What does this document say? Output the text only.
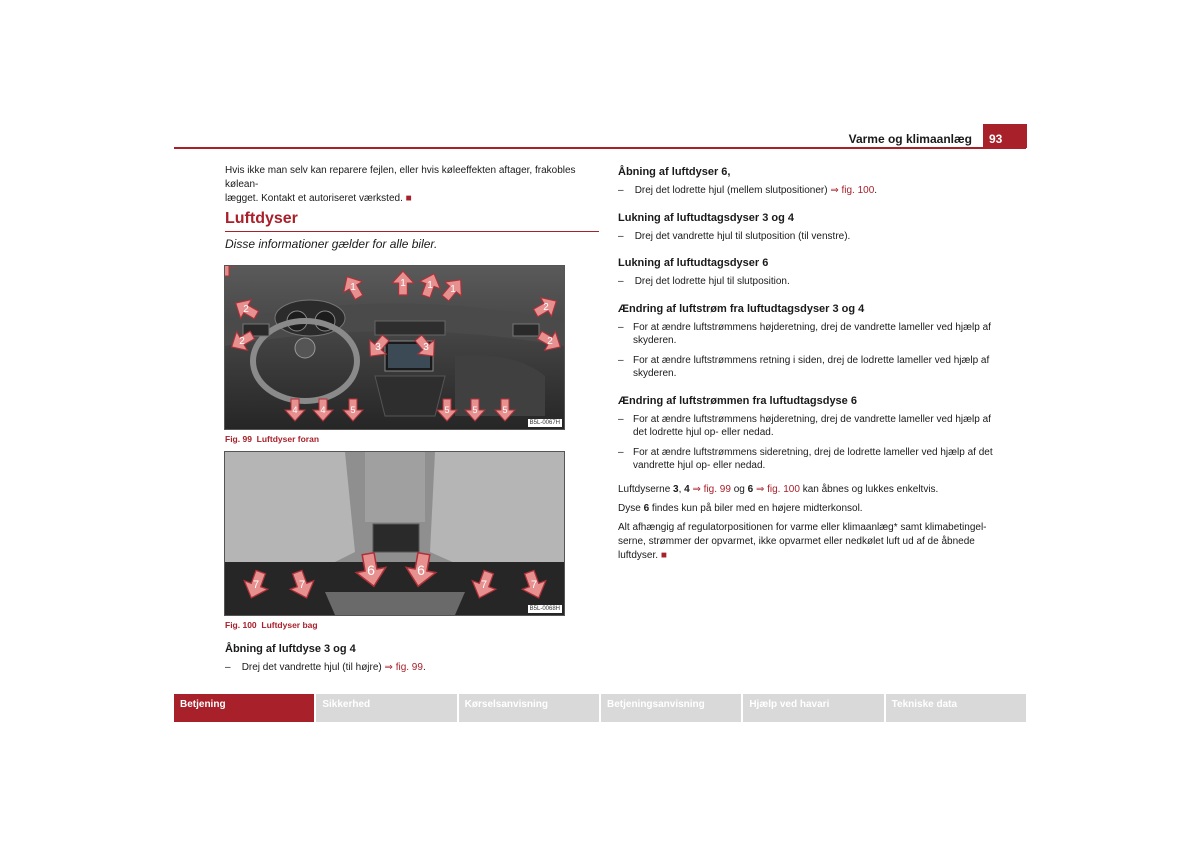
Varme og klimaanlæg	93
Hvis ikke man selv kan reparere fejlen, eller hvis køleeffekten aftager, frakobles kølean-
lægget. Kontakt et autoriseret værksted. ■
Luftdyser
Disse informationer gælder for alle biler.
1	1	1	1
2
2
2
2
3	3
4	4	5	5	5	5
B5L-0067H
Fig. 99 Luftdyser foran
6	6
7	7	7	7
B5L-0068H
Fig. 100 Luftdyser bag
Åbning af luftdyse 3 og 4
–    Drej det vandrette hjul (til højre) ⇒ fig. 99.
Åbning af luftdyser 6,
–    Drej det lodrette hjul (mellem slutpositioner) ⇒ fig. 100.
Lukning af luftudtagsdyser 3 og 4
–    Drej det vandrette hjul til slutposition (til venstre).
Lukning af luftudtagsdyser 6
–    Drej det lodrette hjul til slutposition.
Ændring af luftstrøm fra luftudtagsdyser 3 og 4
– For at ændre luftstrømmens højderetning, drej de vandrette lameller ved hjælp af skyderen.
– For at ændre luftstrømmens retning i siden, drej de lodrette lameller ved hjælp af skyderen.
Ændring af luftstrømmen fra luftudtagsdyse 6
– For at ændre luftstrømmens højderetning, drej de vandrette lameller ved hjælp af det lodrette hjul op- eller nedad.
– For at ændre luftstrømmens sideretning, drej de lodrette lameller ved hjælp af det vandrette hjul op- eller nedad.
Luftdyserne 3, 4 ⇒ fig. 99 og 6 ⇒ fig. 100 kan åbnes og lukkes enkeltvis.
Dyse 6 findes kun på biler med en højere midterkonsol.
Alt afhængig af regulatorpositionen for varme eller klimaanlæg* samt klimabetingel-serne, strømmer der opvarmet, ikke opvarmet eller nedkølet luft ud af de åbnede luftdyser. ■
Betjening	Sikkerhed	Kørselsanvisning	Betjeningsanvisning	Hjælp ved havari	Tekniske data
